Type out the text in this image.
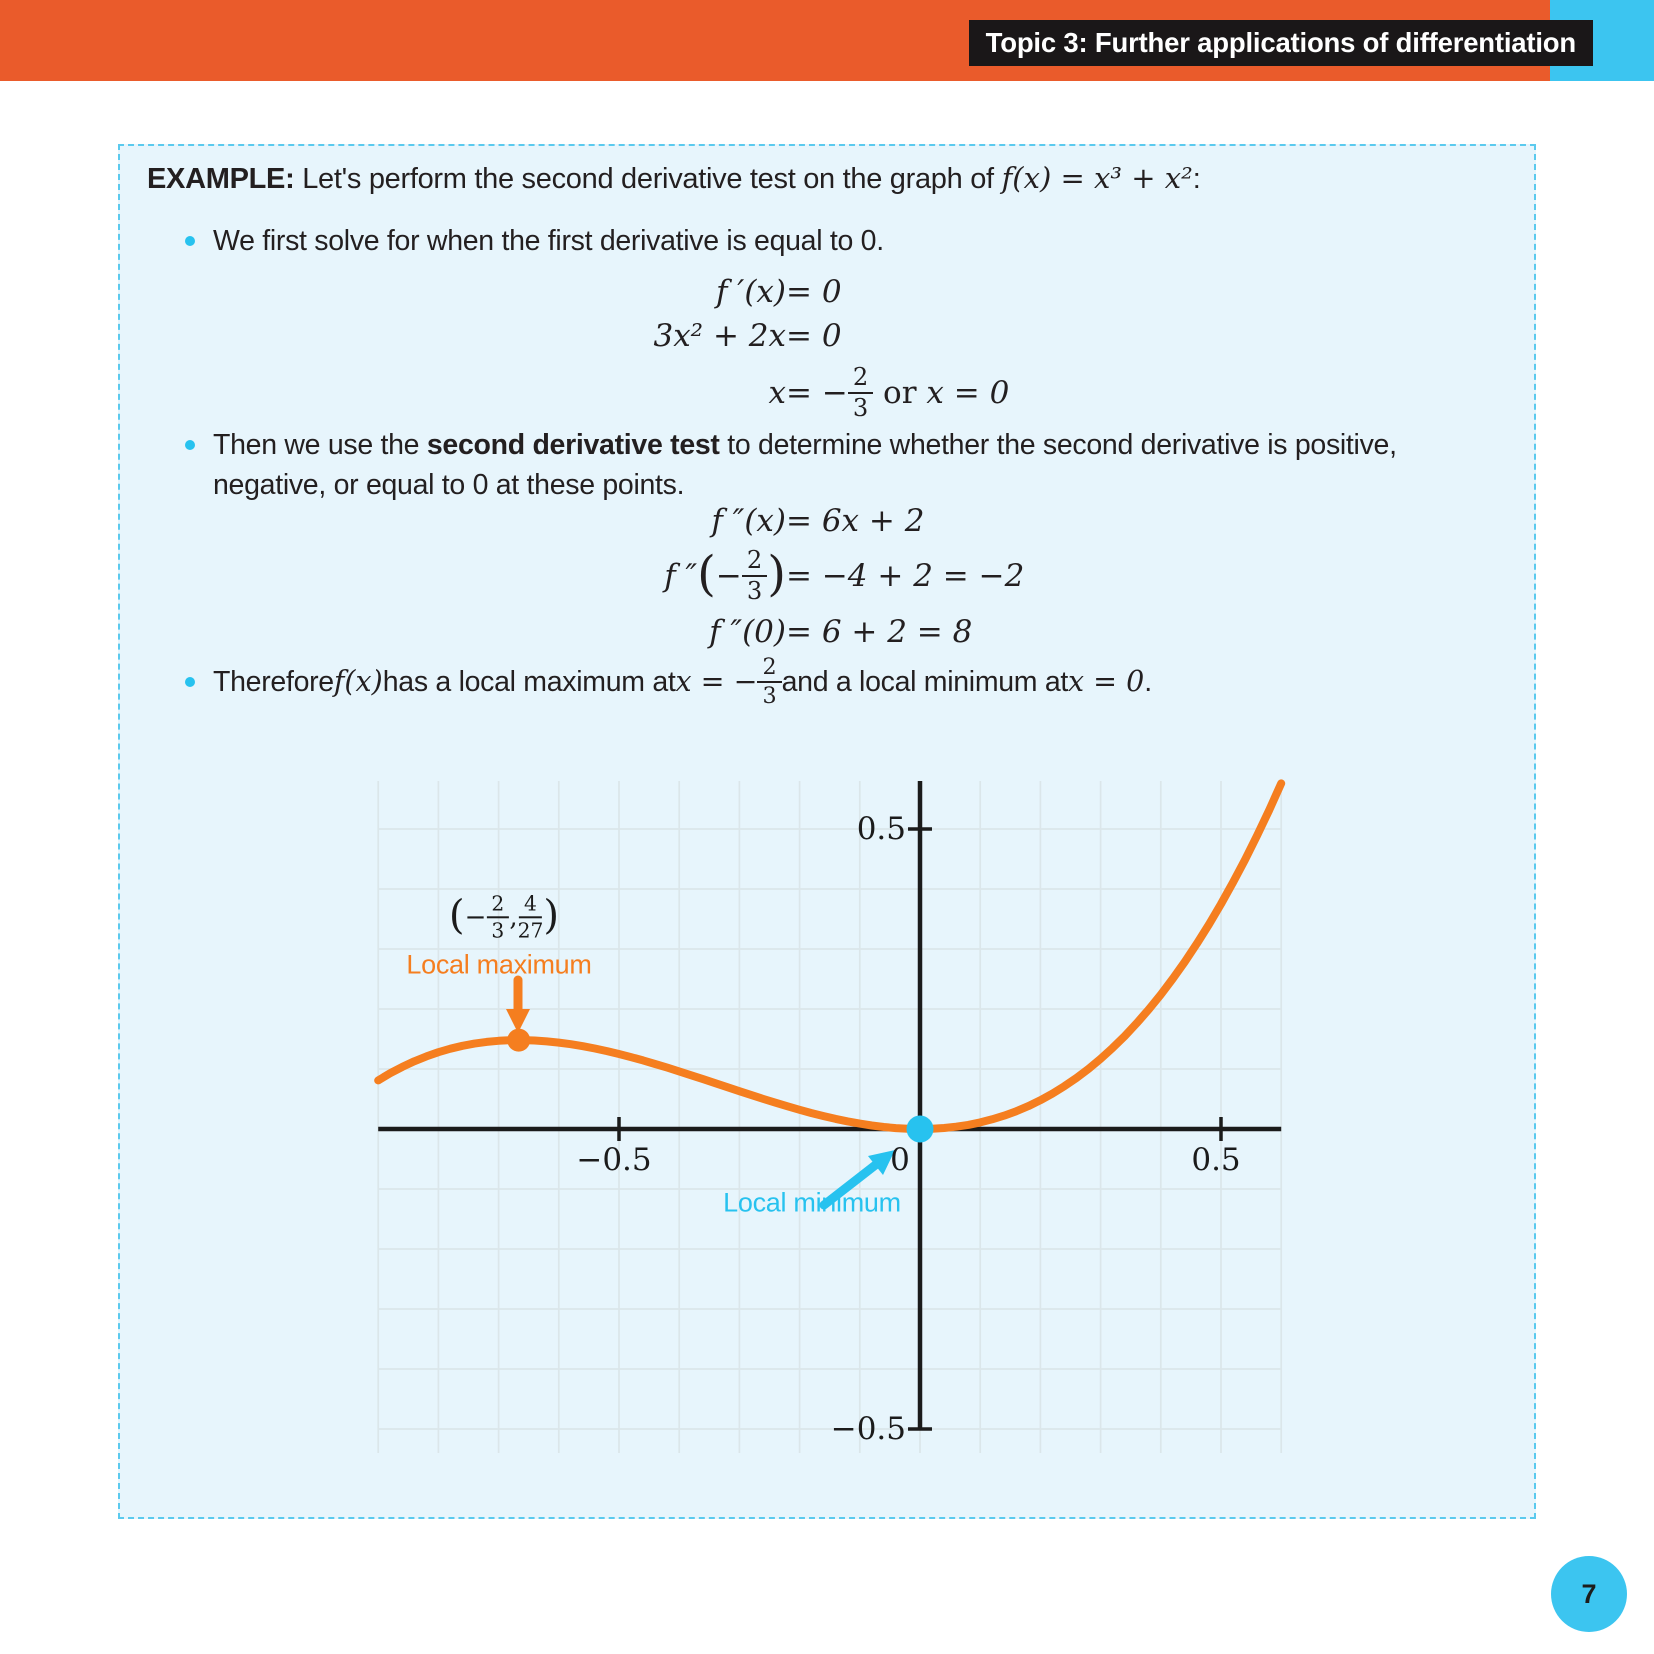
Topic 3: Further applications of differentiation
EXAMPLE: Let's perform the second derivative test on the graph of f(x) = x³ + x²:
We first solve for when the first derivative is equal to 0.
f ′(x) = 0
3x² + 2x = 0
x = − $\frac{2}{3}$ or x = 0
Then we use the second derivative test to determine whether the second derivative is positive,
negative, or equal to 0 at these points.
f ″(x) = 6x + 2
f ″ ( − $\frac{2}{3}$ ) = −4 + 2 = −2
f ″(0) = 6 + 2 = 8
Therefore f(x) has a local maximum at x = − $\frac{2}{3}$ and a local minimum at x = 0 .
( − $\frac{2}{3}$ , $\frac{4}{27}$ )
Local maximum
Local minimum
−0.5	0	0.5
0.5
−0.5
7
